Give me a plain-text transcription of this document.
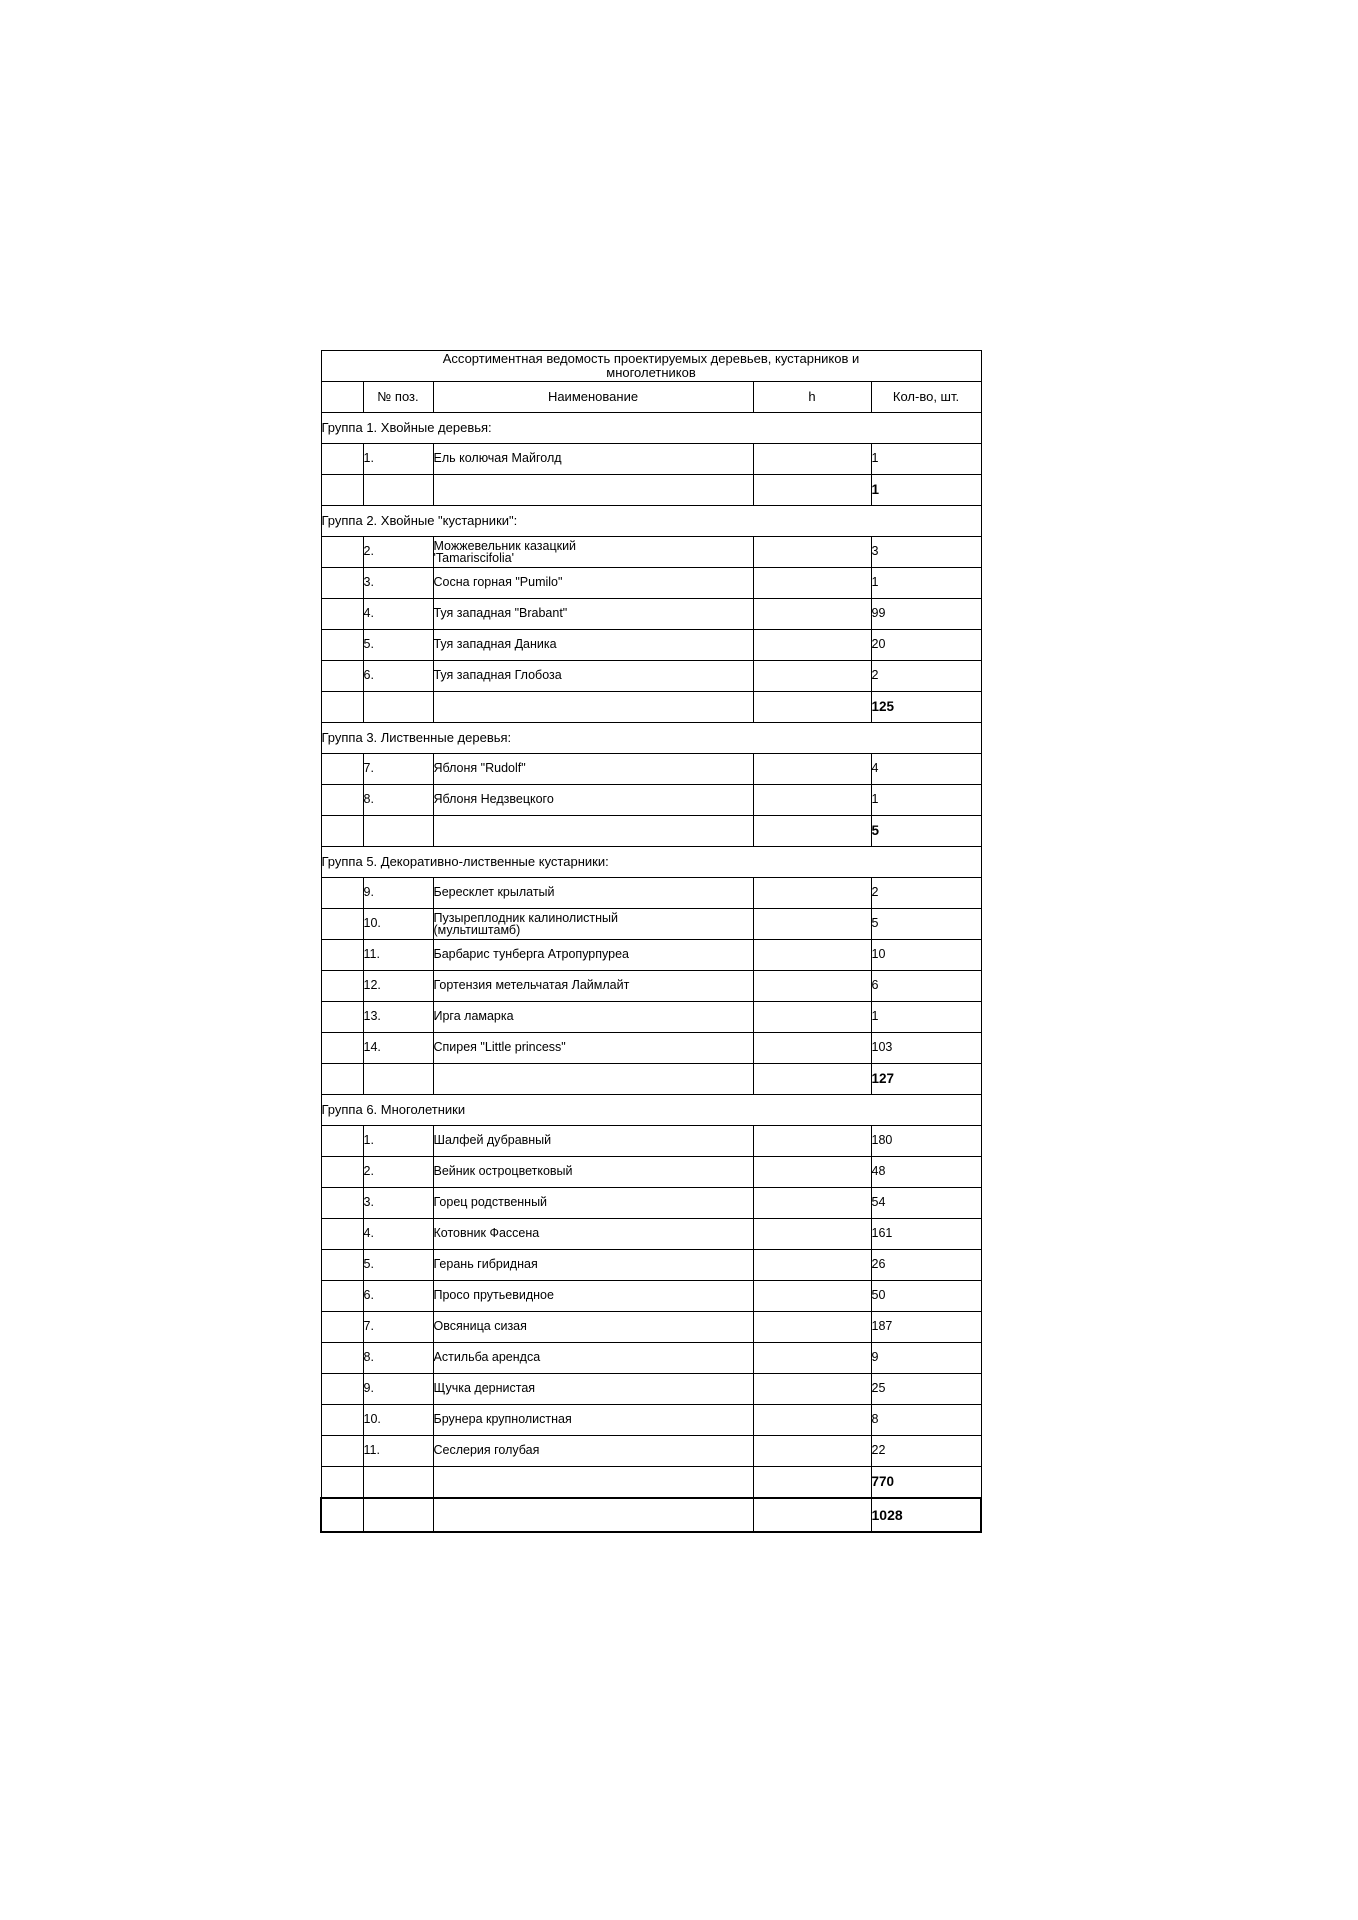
Ассортиментная ведомость проектируемых деревьев, кустарников и
многолетников				

	№ поз.	Наименование	h	Кол-во, шт.
Группа 1. Хвойные деревья:				
	1.	Ель колючая Майголд		1
				1
Группа 2. Хвойные "кустарники":				
	2.	Можжевельник казацкий
'Tamariscifolia'		3
	3.	Сосна горная "Pumilo"		1
	4.	Туя западная "Brabant"		99
	5.	Туя западная Даника		20
	6.	Туя западная Глобоза		2
				125
Группа 3. Лиственные деревья:				
	7.	Яблоня "Rudolf"		4
	8.	Яблоня Недзвецкого		1
				5
Группа 5. Декоративно-лиственные кустарники:				
	9.	Бересклет крылатый		2
	10.	Пузыреплодник калинолистный
(мультиштамб)		5
	11.	Барбарис тунберга Атропурпуреа		10
	12.	Гортензия метельчатая Лаймлайт		6
	13.	Ирга ламарка		1
	14.	Спирея "Little princess"		103
				127
Группа 6. Многолетники				
	1.	Шалфей дубравный		180
	2.	Вейник остроцветковый		48
	3.	Горец родственный		54
	4.	Котовник Фассена		161
	5.	Герань гибридная		26
	6.	Просо прутьевидное		50
	7.	Овсяница сизая		187
	8.	Астильба арендса		9
	9.	Щучка дернистая		25
	10.	Брунера крупнолистная		8
	11.	Сеслерия голубая		22
				770
				1028
